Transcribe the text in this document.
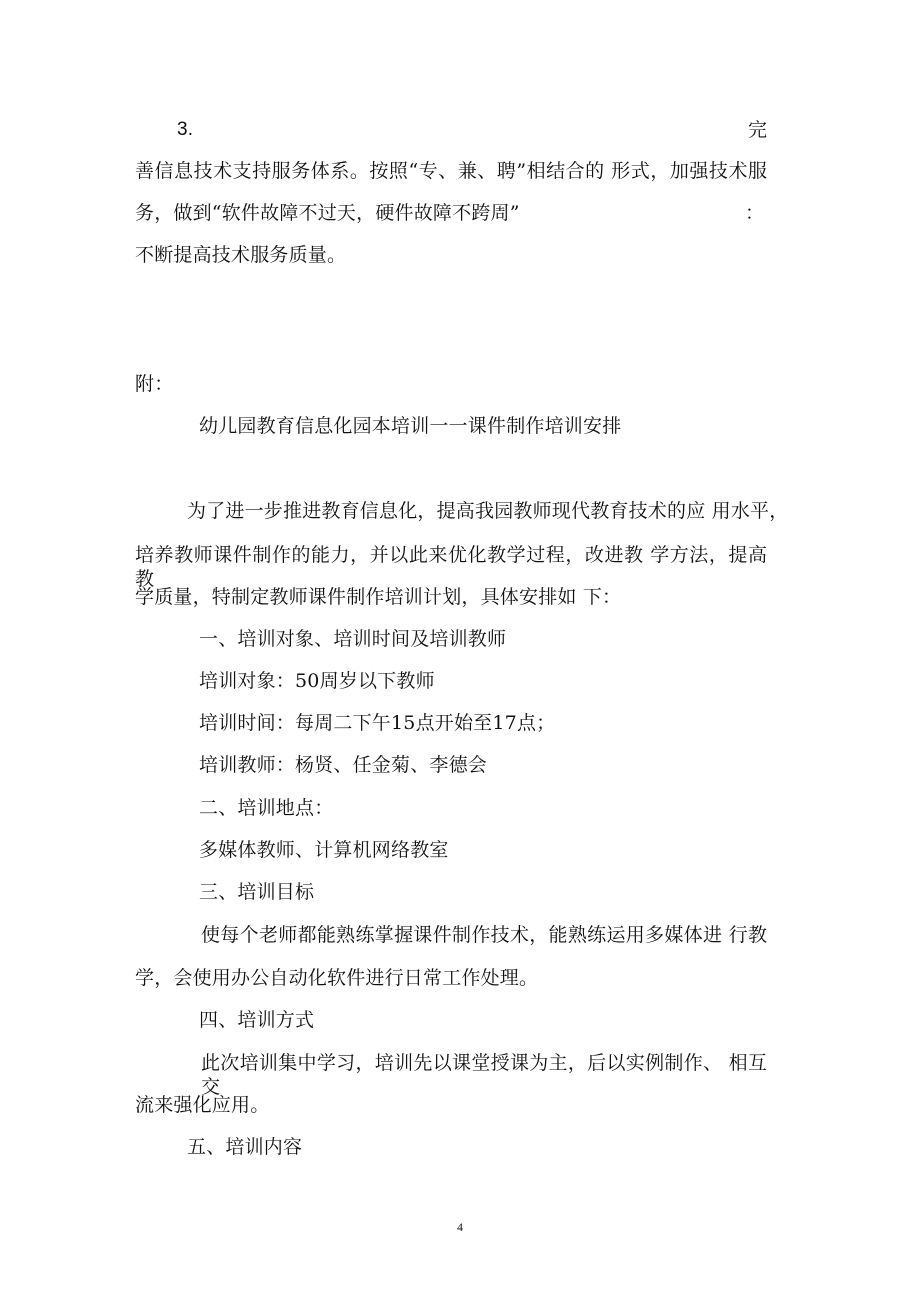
3.	完
善信息技术支持服务体系。按照“专、兼、聘”相结合的 形式，加强技术服
务，做到“软件故障不过天，硬件故障不跨周”	：
不断提高技术服务质量。
附：
幼儿园教育信息化园本培训一一课件制作培训安排
为了进一步推进教育信息化，提高我园教师现代教育技术的应 用水平，
培养教师课件制作的能力，并以此来优化教学过程，改进教 学方法，提高教
学质量，特制定教师课件制作培训计划，具体安排如 下：
一、培训对象、培训时间及培训教师
培训对象：50周岁以下教师
培训时间：每周二下午15点开始至17点；
培训教师：杨贤、任金菊、李德会
二、培训地点：
多媒体教师、计算机网络教室
三、培训目标
使每个老师都能熟练掌握课件制作技术，能熟练运用多媒体进 行教
学，会使用办公自动化软件进行日常工作处理。
四、培训方式
此次培训集中学习，培训先以课堂授课为主，后以实例制作、 相互交
流来强化应用。
五、培训内容
4
